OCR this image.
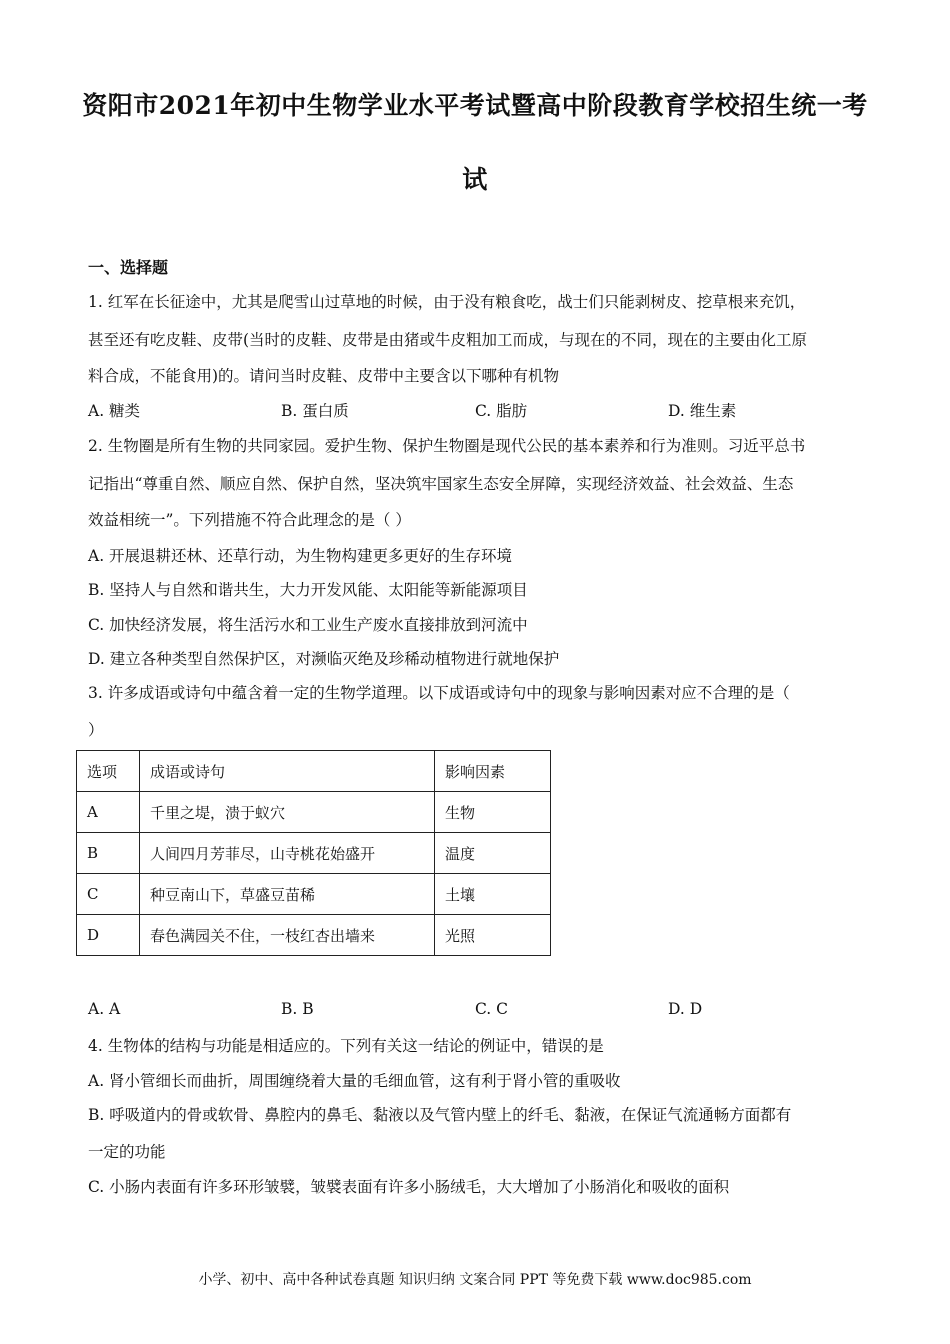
资阳市2021年初中生物学业水平考试暨高中阶段教育学校招生统一考
试
一、选择题
1. 红军在长征途中，尤其是爬雪山过草地的时候，由于没有粮食吃，战士们只能剥树皮、挖草根来充饥，
甚至还有吃皮鞋、皮带(当时的皮鞋、皮带是由猪或牛皮粗加工而成，与现在的不同，现在的主要由化工原
料合成，不能食用)的。请问当时皮鞋、皮带中主要含以下哪种有机物
A. 糖类	B. 蛋白质	C. 脂肪	D. 维生素
2. 生物圈是所有生物的共同家园。爱护生物、保护生物圈是现代公民的基本素养和行为准则。习近平总书
记指出“尊重自然、顺应自然、保护自然，坚决筑牢国家生态安全屏障，实现经济效益、社会效益、生态
效益相统一”。下列措施不符合此理念的是（ ）
A. 开展退耕还林、还草行动，为生物构建更多更好的生存环境
B. 坚持人与自然和谐共生，大力开发风能、太阳能等新能源项目
C. 加快经济发展，将生活污水和工业生产废水直接排放到河流中
D. 建立各种类型自然保护区，对濒临灭绝及珍稀动植物进行就地保护
3. 许多成语或诗句中蕴含着一定的生物学道理。以下成语或诗句中的现象与影响因素对应不合理的是（
）
选项	成语或诗句	影响因素
A	千里之堤，溃于蚁穴	生物
B	人间四月芳菲尽，山寺桃花始盛开	温度
C	种豆南山下，草盛豆苗稀	土壤
D	春色满园关不住，一枝红杏出墙来	光照
A. A	B. B	C. C	D. D
4. 生物体的结构与功能是相适应的。下列有关这一结论的例证中，错误的是
A. 肾小管细长而曲折，周围缠绕着大量的毛细血管，这有利于肾小管的重吸收
B. 呼吸道内的骨或软骨、鼻腔内的鼻毛、黏液以及气管内壁上的纤毛、黏液，在保证气流通畅方面都有
一定的功能
C. 小肠内表面有许多环形皱襞，皱襞表面有许多小肠绒毛，大大增加了小肠消化和吸收的面积
小学、初中、高中各种试卷真题 知识归纳 文案合同 PPT 等免费下载 www.doc985.com
